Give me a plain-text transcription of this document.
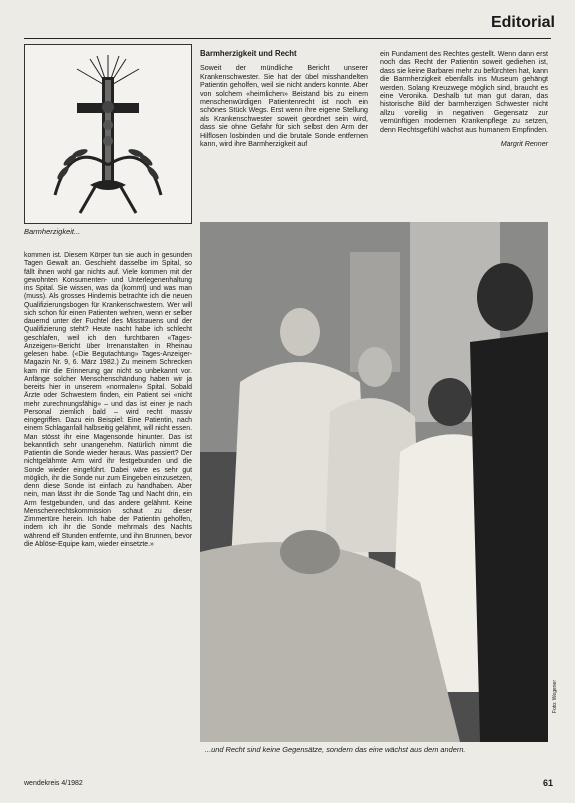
Editorial
Barmherzigkeit...
Barmherzigkeit und Recht

Soweit der mündliche Bericht unserer Krankenschwester. Sie hat der übel misshandelten Patientin geholfen, weil sie nicht anders konnte. Aber von solchem «heimlichen» Beistand bis zu einem menschenwürdigen Patientenrecht ist noch ein schönes Stück Wegs. Erst wenn ihre eigene Stellung als Krankenschwester soweit geordnet sein wird, dass sie ohne Gefahr für sich selbst den Arm der Hilflosen losbinden und die brutale Sonde entfernen kann, wird ihre Barmherzigkeit auf

ein Fundament des Rechtes gestellt. Wenn dann erst noch das Recht der Patientin soweit gediehen ist, dass sie keine Barbarei mehr zu befürchten hat, kann die Barmherzigkeit ebenfalls ins Museum gehängt werden. Solang Kreuzwege möglich sind, braucht es eine Veronika. Deshalb tut man gut daran, das historische Bild der barmherzigen Schwester nicht allzu voreilig in negativen Gegensatz zur vernünftigen modernen Krankenpflege zu setzen, denn Rechtsgefühl wächst aus humanem Empfinden.

Margrit Renner

kommen ist. Diesem Körper tun sie auch in gesunden Tagen Gewalt an. Geschieht dasselbe im Spital, so fällt ihnen wohl gar nichts auf. Viele kommen mit der gewohnten Konsumenten- und Unterlegenenhaltung ins Spital. Sie wissen, was da (kommt) und was man (muss). Als grosses Hindernis betrachte ich die neuen Qualifizierungsbogen für Krankenschwestern. Wer will sich schon für einen Patienten wehren, wenn er selber dauernd unter der Fuchtel des Misstrauens und der Qualifizierung steht? Heute nacht habe ich schlecht geschlafen, weil ich den furchtbaren «Tages-Anzeigen»-Bericht über Irrenanstalten in Rheinau gelesen habe. («Die Begutachtung» Tages-Anzeiger-Magazin Nr. 9, 6. März 1982.) Zu meinem Schrecken kam mir die Erinnerung gar nicht so unbekannt vor. Anfänge solcher Menschenschändung haben wir ja bereits hier in unserem «normalen» Spital. Sobald Ärzte oder Schwestern finden, ein Patient sei «nicht mehr zurechnungsfähig» – und das ist einer je nach Personal ziemlich bald – wird recht massiv eingegriffen. Dazu ein Beispiel: Eine Patientin, nach einem Schlaganfall halbseitig gelähmt, will nicht essen. Man stösst ihr eine Magensonde hinunter. Das ist bekanntlich sehr unangenehm. Natürlich nimmt die Patientin die Sonde wieder heraus. Was passiert? Der nichtgelähmte Arm wird ihr festgebunden und die Sonde wieder eingeführt. Dabei wäre es sehr gut möglich, ihr die Sonde nur zum Eingeben einzusetzen, denn diese Sonde ist einfach zu handhaben. Aber nein, man lässt ihr die Sonde Tag und Nacht drin, ein Arm festgebunden, und das andere gelähmt. Keine Menschenrechtskommission schaut zu dieser Zimmertüre herein. Ich habe der Patientin geholfen, indem ich ihr die Sonde mehrmals des Nachts während elf Stunden entfernte, und ihn Brunnen, bevor die Ablöse-Equipe kam, wieder einsetzte.»

Foto: Wegener
...und Recht sind keine Gegensätze, sondern das eine wächst aus dem andern.
wendekreis 4/1982	61
